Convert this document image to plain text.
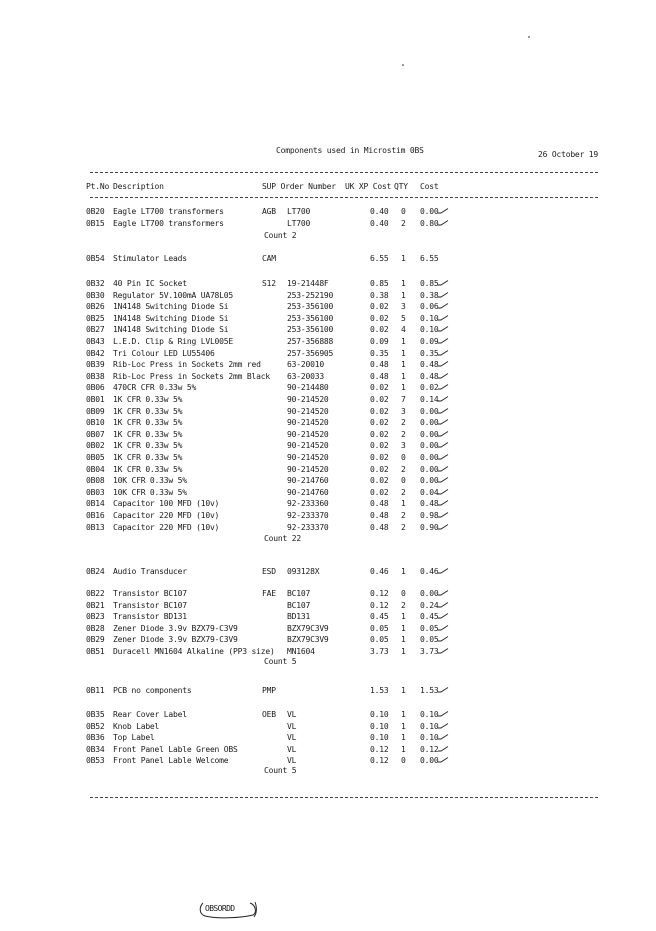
Components used in Microstim 0BS	26 October 19
Pt.No Description	SUP Order Number UK XP Cost QTY Cost
0B20 Eagle LT700 transformers	AGB LT700	0.40 0 0.00
0B15 Eagle LT700 transformers	LT700	0.40 2 0.80
Count 2
0B54 Stimulator Leads	CAM	6.55 1 6.55
0B32 40 Pin IC Socket	S12 19-21448F	0.85 1 0.85
0B30 Regulator 5V.100mA UA78L05	253-252190	0.38 1 0.38
0B26 1N4148 Switching Diode Si	253-356100	0.02 3 0.06
0B25 1N4148 Switching Diode Si	253-356100	0.02 5 0.10
0B27 1N4148 Switching Diode Si	253-356100	0.02 4 0.10
0B43 L.E.D. Clip & Ring LVL005E	257-356888	0.09 1 0.09
0B42 Tri Colour LED LU55406	257-356905	0.35 1 0.35
0B39 Rib-Loc Press in Sockets 2mm red	63-20010	0.48 1 0.48
0B38 Rib-Loc Press in Sockets 2mm Black 63-20033	0.48 1 0.48
0B06 470CR CFR 0.33w 5%	90-214480	0.02 1 0.02
0B01 1K CFR 0.33w 5%	90-214520	0.02 7 0.14
0B09 1K CFR 0.33w 5%	90-214520	0.02 3 0.00
0B10 1K CFR 0.33w 5%	90-214520	0.02 2 0.00
0B07 1K CFR 0.33w 5%	90-214520	0.02 2 0.00
0B02 1K CFR 0.33w 5%	90-214520	0.02 3 0.00
0B05 1K CFR 0.33w 5%	90-214520	0.02 0 0.00
0B04 1K CFR 0.33w 5%	90-214520	0.02 2 0.00
0B08 10K CFR 0.33w 5%	90-214760	0.02 0 0.00
0B03 10K CFR 0.33w 5%	90-214760	0.02 2 0.04
0B14 Capacitor 100 MFD (10v)	92-233360	0.48 1 0.48
0B16 Capacitor 220 MFD (10v)	92-233370	0.48 2 0.98
0B13 Capacitor 220 MFD (10v)	92-233370	0.48 2 0.90
Count 22
0B24 Audio Transducer	ESD 093128X	0.46 1 0.46
0B22 Transistor BC107	FAE BC107	0.12 0 0.00
0B21 Transistor BC107	BC107	0.12 2 0.24
0B23 Transistor BD131	BD131	0.45 1 0.45
0B28 Zener Diode 3.9v BZX79-C3V9	BZX79C3V9	0.05 1 0.05
0B29 Zener Diode 3.9v BZX79-C3V9	BZX79C3V9	0.05 1 0.05
0B51 Duracell MN1604 Alkaline (PP3 size) MN1604	3.73 1 3.73
Count 5
0B11 PCB no components	PMP	1.53 1 1.53
0B35 Rear Cover Label	OEB VL	0.10 1 0.10
0B52 Knob Label	VL	0.10 1 0.10
0B36 Top Label	VL	0.10 1 0.10
0B34 Front Panel Lable Green OBS	VL	0.12 1 0.12
0B53 Front Panel Lable Welcome	VL	0.12 0 0.00
Count 5
OBSORDD
